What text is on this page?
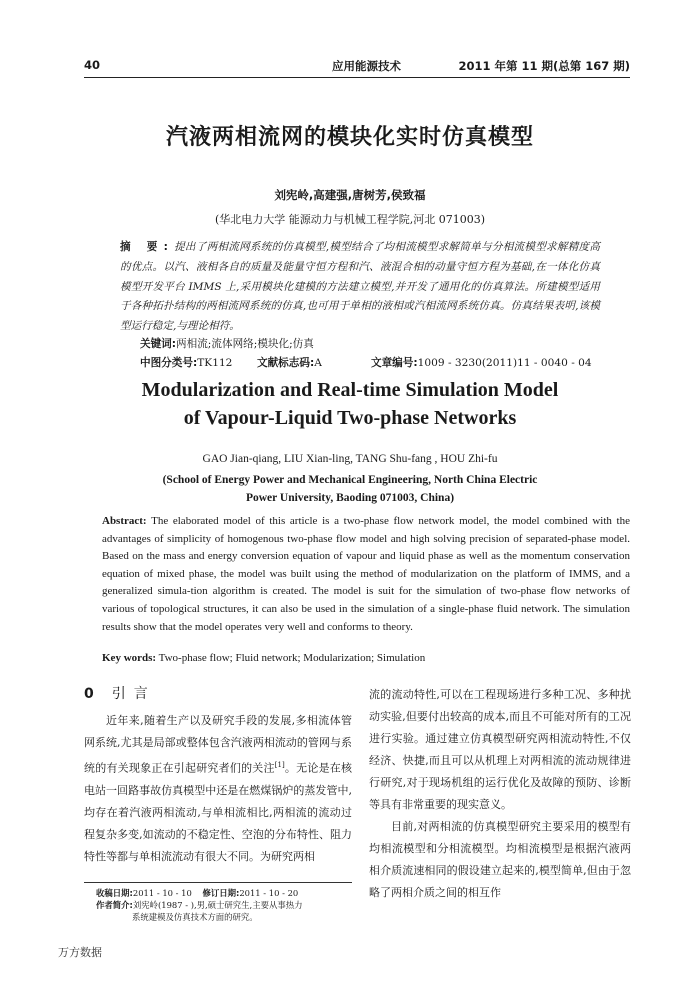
40	应用能源技术	2011 年第 11 期(总第 167 期)
汽液两相流网的模块化实时仿真模型
刘宪岭,高建强,唐树芳,侯致福
(华北电力大学 能源动力与机械工程学院,河北 071003)
摘 要:提出了两相流网系统的仿真模型,模型结合了均相流模型求解简单与分相流模型求解精度高的优点。以汽、液相各自的质量及能量守恒方程和汽、液混合相的动量守恒方程为基础,在一体化仿真模型开发平台 IMMS 上,采用模块化建模的方法建立模型,并开发了通用化的仿真算法。所建模型适用于各种拓扑结构的两相流网系统的仿真,也可用于单相的液相或汽相流网系统仿真。仿真结果表明,该模型运行稳定,与理论相符。
关键词:两相流;流体网络;模块化;仿真
中图分类号:TK112 文献标志码:A	文章编号:1009 - 3230(2011)11 - 0040 - 04
Modularization and Real-time Simulation Model
of Vapour-Liquid Two-phase Networks
GAO Jian-qiang, LIU Xian-ling, TANG Shu-fang , HOU Zhi-fu
(School of Energy Power and Mechanical Engineering, North China Electric
Power University, Baoding 071003, China)
Abstract: The elaborated model of this article is a two-phase flow network model, the model combined with the advantages of simplicity of homogenous two-phase flow model and high solving precision of separated-phase model. Based on the mass and energy conversion equation of vapour and liquid phase as well as the momentum conservation equation of mixed phase, the model was built using the method of modularization on the platform of IMMS, and a generalized simula-tion algorithm is created. The model is suit for the simulation of two-phase flow networks of various of topological structures, it can also be used in the simulation of a single-phase fluid network. The simulation results show that the model operates very well and conforms to theory.
Key words: Two-phase flow; Fluid network; Modularization; Simulation
0 引言

近年来,随着生产以及研究手段的发展,多相流体管网系统,尤其是局部或整体包含汽液两相流动的管网与系统的有关现象正在引起研究者们的关注[1]。无论是在核电站一回路事故仿真模型中还是在燃煤锅炉的蒸发管中,均存在着汽液两相流动,与单相流相比,两相流的流动过程复杂多变,如流动的不稳定性、空泡的分布特性、阻力特性等都与单相流流动有很大不同。为研究两相

流的流动特性,可以在工程现场进行多种工况、多种扰动实验,但要付出较高的成本,而且不可能对所有的工况进行实验。通过建立仿真模型研究两相流动特性,不仅经济、快捷,而且可以从机理上对两相流的流动规律进行研究,对于现场机组的运行优化及故障的预防、诊断等具有非常重要的现实意义。

目前,对两相流的仿真模型研究主要采用的模型有均相流模型和分相流模型。均相流模型是根据汽液两相介质流速相同的假设建立起来的,模型简单,但由于忽略了两相介质之间的相互作

收稿日期:2011 - 10 - 10 修订日期:2011 - 10 - 20
作者简介:刘宪岭(1987 - ),男,硕士研究生,主要从事热力
系统建模及仿真技术方面的研究。
万方数据
